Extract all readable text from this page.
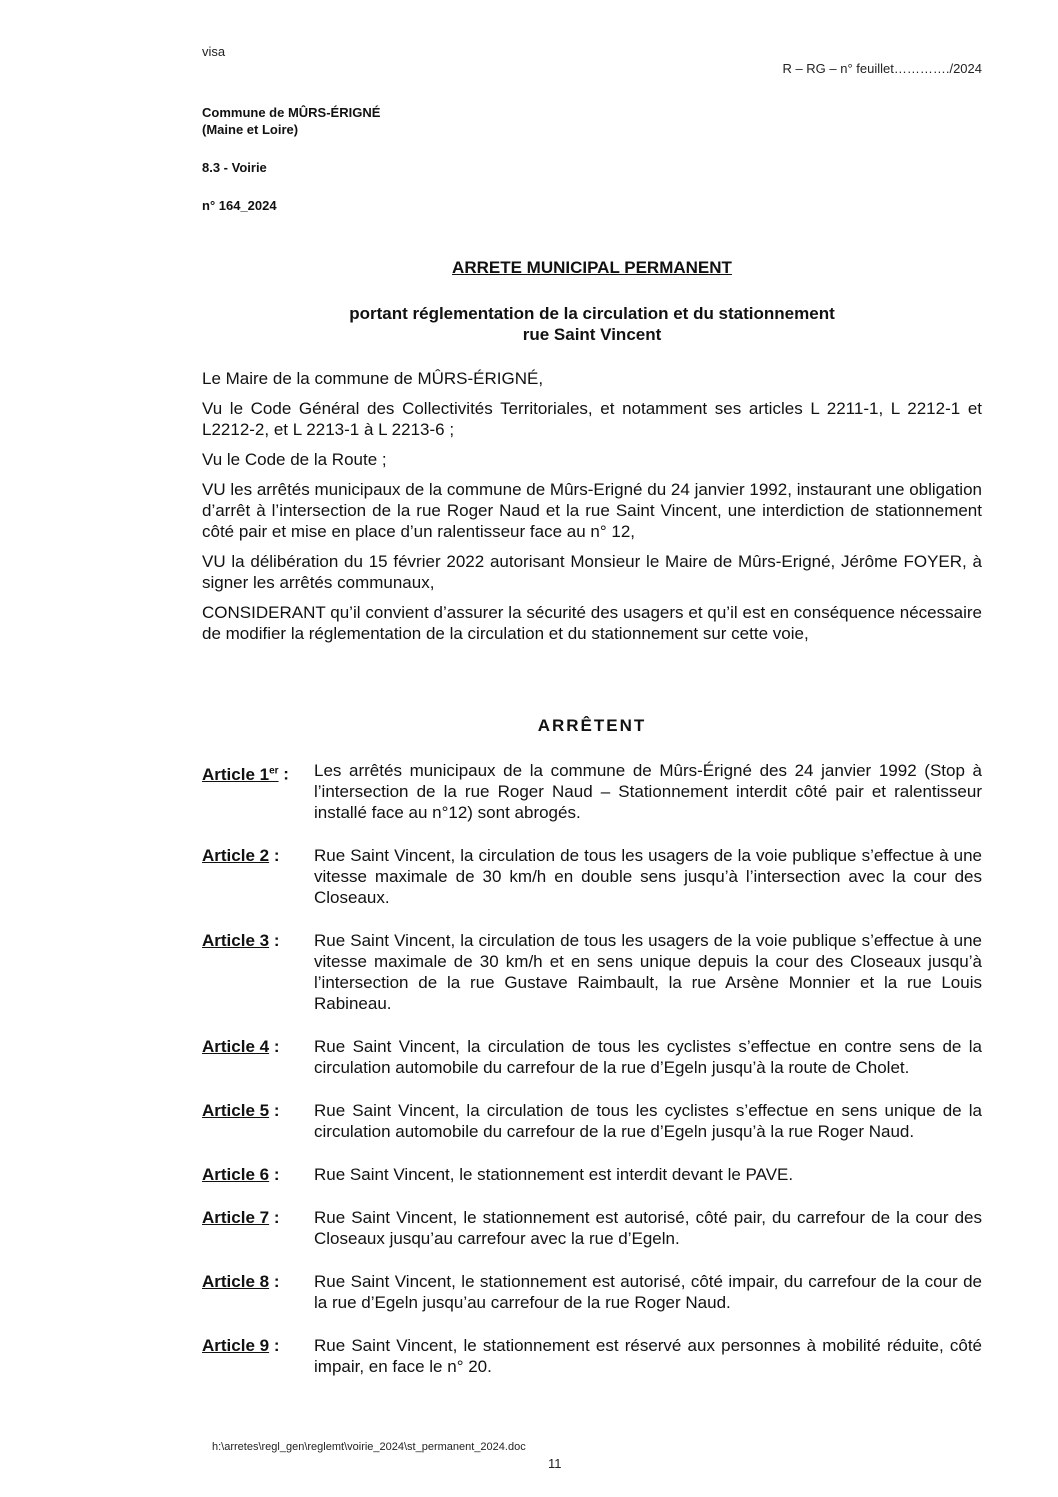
visa
R – RG – n° feuillet…………./2024
Commune de MÛRS-ÉRIGNÉ
(Maine et Loire)
8.3 - Voirie
n° 164_2024
ARRETE MUNICIPAL PERMANENT
portant réglementation de la circulation et du stationnement
rue Saint Vincent

Le Maire de la commune de MÛRS-ÉRIGNÉ,

Vu le Code Général des Collectivités Territoriales, et notamment ses articles L 2211-1, L 2212-1 et L2212-2, et L 2213-1 à L 2213-6 ;

Vu le Code de la Route ;

VU les arrêtés municipaux de la commune de Mûrs-Erigné du 24 janvier 1992, instaurant une obligation d’arrêt à l’intersection de la rue Roger Naud et la rue Saint Vincent, une interdiction de stationnement côté pair et mise en place d’un ralentisseur face au n° 12,

VU la délibération du 15 février 2022 autorisant Monsieur le Maire de Mûrs-Erigné, Jérôme FOYER, à signer les arrêtés communaux,

CONSIDERANT qu’il convient d’assurer la sécurité des usagers et qu’il est en conséquence nécessaire de modifier la réglementation de la circulation et du stationnement sur cette voie,

ARRÊTENT
Article 1er :	Les arrêtés municipaux de la commune de Mûrs-Érigné des 24 janvier 1992 (Stop à l’intersection de la rue Roger Naud – Stationnement interdit côté pair et ralentisseur installé face au n°12) sont abrogés.
Article 2 :	Rue Saint Vincent, la circulation de tous les usagers de la voie publique s’effectue à une vitesse maximale de 30 km/h en double sens jusqu’à l’intersection avec la cour des Closeaux.
Article 3 :	Rue Saint Vincent, la circulation de tous les usagers de la voie publique s’effectue à une vitesse maximale de 30 km/h et en sens unique depuis la cour des Closeaux jusqu’à l’intersection de la rue Gustave Raimbault, la rue Arsène Monnier et la rue Louis Rabineau.
Article 4 :	Rue Saint Vincent, la circulation de tous les cyclistes s’effectue en contre sens de la circulation automobile du carrefour de la rue d’Egeln jusqu’à la route de Cholet.
Article 5 :	Rue Saint Vincent, la circulation de tous les cyclistes s’effectue en sens unique de la circulation automobile du carrefour de la rue d’Egeln jusqu’à la rue Roger Naud.
Article 6 :	Rue Saint Vincent, le stationnement est interdit devant le PAVE.
Article 7 :	Rue Saint Vincent, le stationnement est autorisé, côté pair, du carrefour de la cour des Closeaux jusqu’au carrefour avec la rue d’Egeln.
Article 8 :	Rue Saint Vincent, le stationnement est autorisé, côté impair, du carrefour de la cour de la rue d’Egeln jusqu’au carrefour de la rue Roger Naud.
Article 9 :	Rue Saint Vincent, le stationnement est réservé aux personnes à mobilité réduite, côté impair, en face le n° 20.
h:\arretes\regl_gen\reglemt\voirie_2024\st_permanent_2024.doc
11
